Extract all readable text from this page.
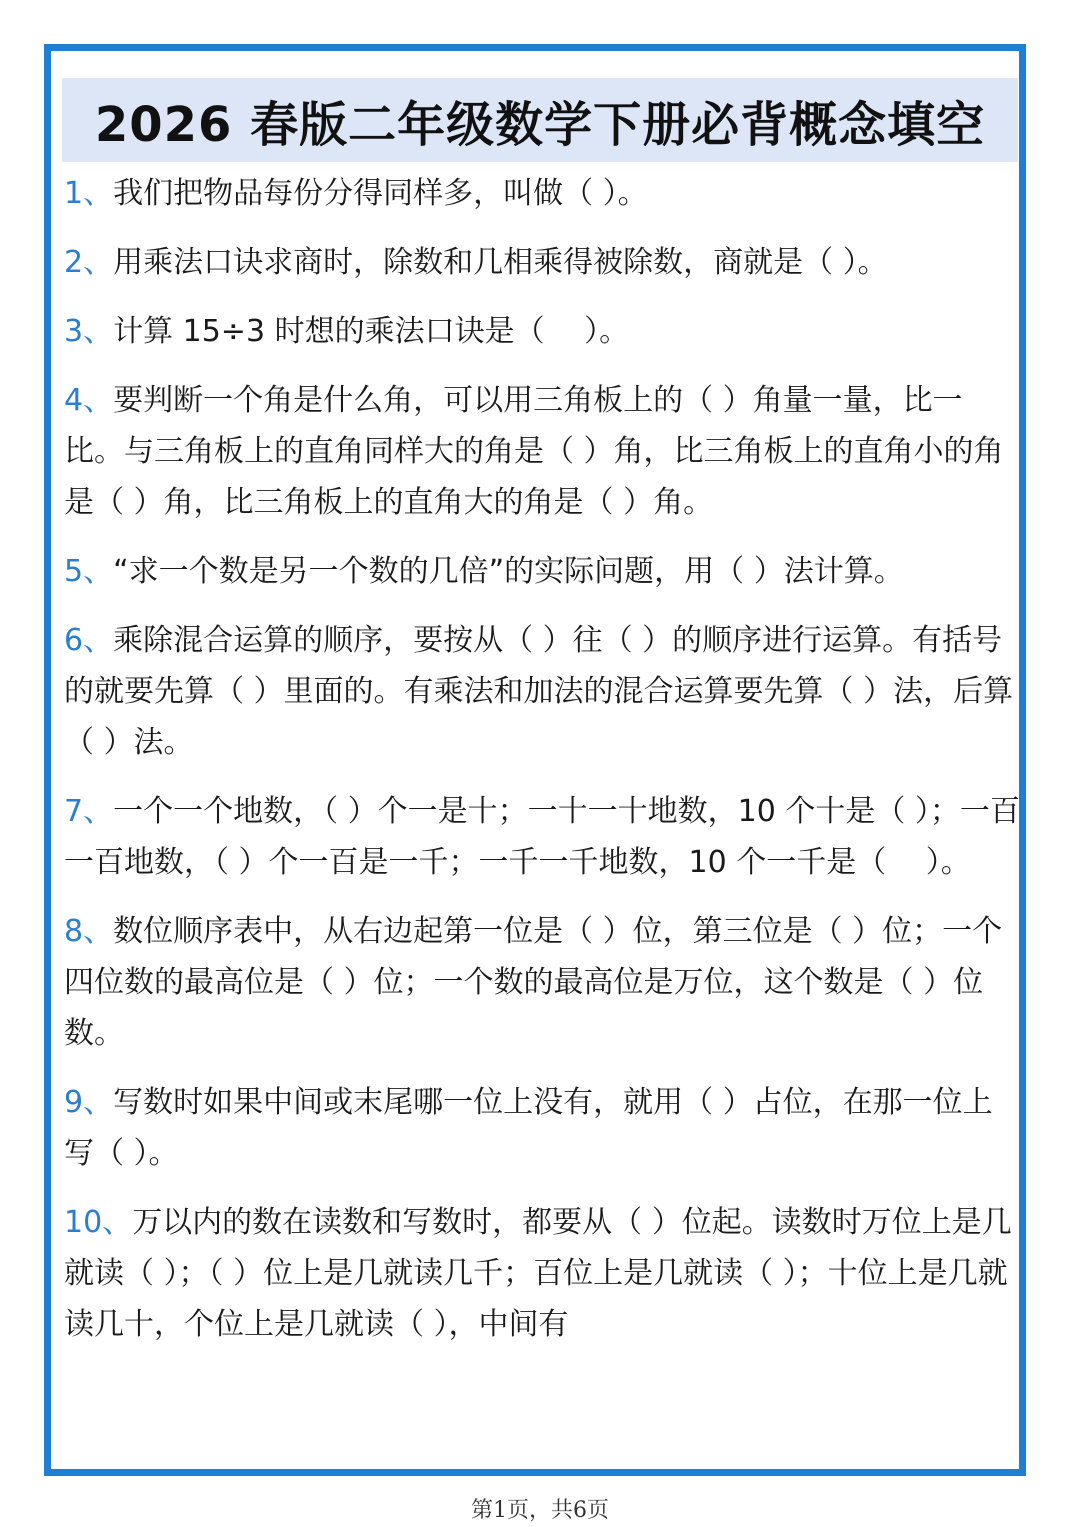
2026 春版二年级数学下册必背概念填空

1、我们把物品每份分得同样多，叫做（ ）。

2、用乘法口诀求商时，除数和几相乘得被除数，商就是（ ）。

3、计算 15÷3 时想的乘法口诀是（　 ）。

4、要判断一个角是什么角，可以用三角板上的（ ）角量一量，比一比。与三角板上的直角同样大的角是（ ）角，比三角板上的直角小的角是（ ）角，比三角板上的直角大的角是（ ）角。

5、“求一个数是另一个数的几倍”的实际问题，用（ ）法计算。

6、乘除混合运算的顺序，要按从（ ）往（ ）的顺序进行运算。有括号的就要先算（ ）里面的。有乘法和加法的混合运算要先算（ ）法，后算（ ）法。

7、一个一个地数，（ ）个一是十；一十一十地数，10 个十是（ ）；一百一百地数，（ ）个一百是一千；一千一千地数，10 个一千是（　 ）。

8、数位顺序表中，从右边起第一位是（ ）位，第三位是（ ）位；一个四位数的最高位是（ ）位；一个数的最高位是万位，这个数是（ ）位数。

9、写数时如果中间或末尾哪一位上没有，就用（ ）占位，在那一位上写（ ）。

10、万以内的数在读数和写数时，都要从（ ）位起。读数时万位上是几就读（ ）；（ ）位上是几就读几千；百位上是几就读（ ）；十位上是几就读几十，个位上是几就读（ ），中间有

第1页，共6页
